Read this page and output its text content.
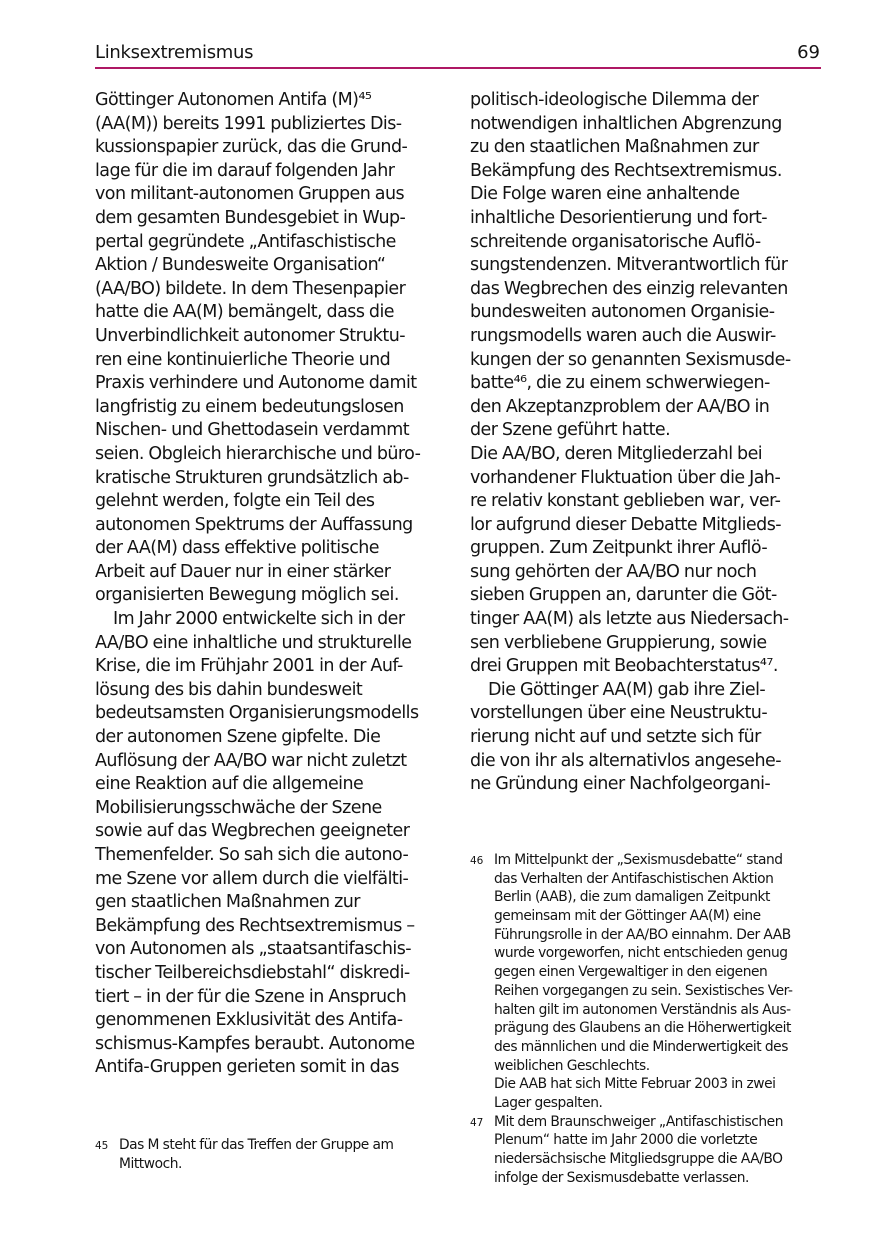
Linksextremismus	69
Göttinger Autonomen Antifa (M)⁴⁵
(AA(M)) bereits 1991 publiziertes Dis-
kussionspapier zurück, das die Grund-
lage für die im darauf folgenden Jahr
von militant-autonomen Gruppen aus
dem gesamten Bundesgebiet in Wup-
pertal gegründete „Antifaschistische
Aktion / Bundesweite Organisation“
(AA/BO) bildete. In dem Thesenpapier
hatte die AA(M) bemängelt, dass die
Unverbindlichkeit autonomer Struktu-
ren eine kontinuierliche Theorie und
Praxis verhindere und Autonome damit
langfristig zu einem bedeutungslosen
Nischen- und Ghettodasein verdammt
seien. Obgleich hierarchische und büro-
kratische Strukturen grundsätzlich ab-
gelehnt werden, folgte ein Teil des
autonomen Spektrums der Auffassung
der AA(M) dass effektive politische
Arbeit auf Dauer nur in einer stärker
organisierten Bewegung möglich sei.
Im Jahr 2000 entwickelte sich in der
AA/BO eine inhaltliche und strukturelle
Krise, die im Frühjahr 2001 in der Auf-
lösung des bis dahin bundesweit
bedeutsamsten Organisierungsmodells
der autonomen Szene gipfelte. Die
Auflösung der AA/BO war nicht zuletzt
eine Reaktion auf die allgemeine
Mobilisierungsschwäche der Szene
sowie auf das Wegbrechen geeigneter
Themenfelder. So sah sich die autono-
me Szene vor allem durch die vielfälti-
gen staatlichen Maßnahmen zur
Bekämpfung des Rechtsextremismus –
von Autonomen als „staatsantifaschis-
tischer Teilbereichsdiebstahl“ diskredi-
tiert – in der für die Szene in Anspruch
genommenen Exklusivität des Antifa-
schismus-Kampfes beraubt. Autonome
Antifa-Gruppen gerieten somit in das
politisch-ideologische Dilemma der
notwendigen inhaltlichen Abgrenzung
zu den staatlichen Maßnahmen zur
Bekämpfung des Rechtsextremismus.
Die Folge waren eine anhaltende
inhaltliche Desorientierung und fort-
schreitende organisatorische Auflö-
sungstendenzen. Mitverantwortlich für
das Wegbrechen des einzig relevanten
bundesweiten autonomen Organisie-
rungsmodells waren auch die Auswir-
kungen der so genannten Sexismusde-
batte⁴⁶, die zu einem schwerwiegen-
den Akzeptanzproblem der AA/BO in
der Szene geführt hatte.
Die AA/BO, deren Mitgliederzahl bei
vorhandener Fluktuation über die Jah-
re relativ konstant geblieben war, ver-
lor aufgrund dieser Debatte Mitglieds-
gruppen. Zum Zeitpunkt ihrer Auflö-
sung gehörten der AA/BO nur noch
sieben Gruppen an, darunter die Göt-
tinger AA(M) als letzte aus Niedersach-
sen verbliebene Gruppierung, sowie
drei Gruppen mit Beobachterstatus⁴⁷.
Die Göttinger AA(M) gab ihre Ziel-
vorstellungen über eine Neustruktu-
rierung nicht auf und setzte sich für
die von ihr als alternativlos angesehe-
ne Gründung einer Nachfolgeorgani-
45 Das M steht für das Treffen der Gruppe am
Mittwoch.
46 Im Mittelpunkt der „Sexismusdebatte“ stand
das Verhalten der Antifaschistischen Aktion
Berlin (AAB), die zum damaligen Zeitpunkt
gemeinsam mit der Göttinger AA(M) eine
Führungsrolle in der AA/BO einnahm. Der AAB
wurde vorgeworfen, nicht entschieden genug
gegen einen Vergewaltiger in den eigenen
Reihen vorgegangen zu sein. Sexistisches Ver-
halten gilt im autonomen Verständnis als Aus-
prägung des Glaubens an die Höherwertigkeit
des männlichen und die Minderwertigkeit des
weiblichen Geschlechts.
Die AAB hat sich Mitte Februar 2003 in zwei
Lager gespalten.
47 Mit dem Braunschweiger „Antifaschistischen
Plenum“ hatte im Jahr 2000 die vorletzte
niedersächsische Mitgliedsgruppe die AA/BO
infolge der Sexismusdebatte verlassen.
